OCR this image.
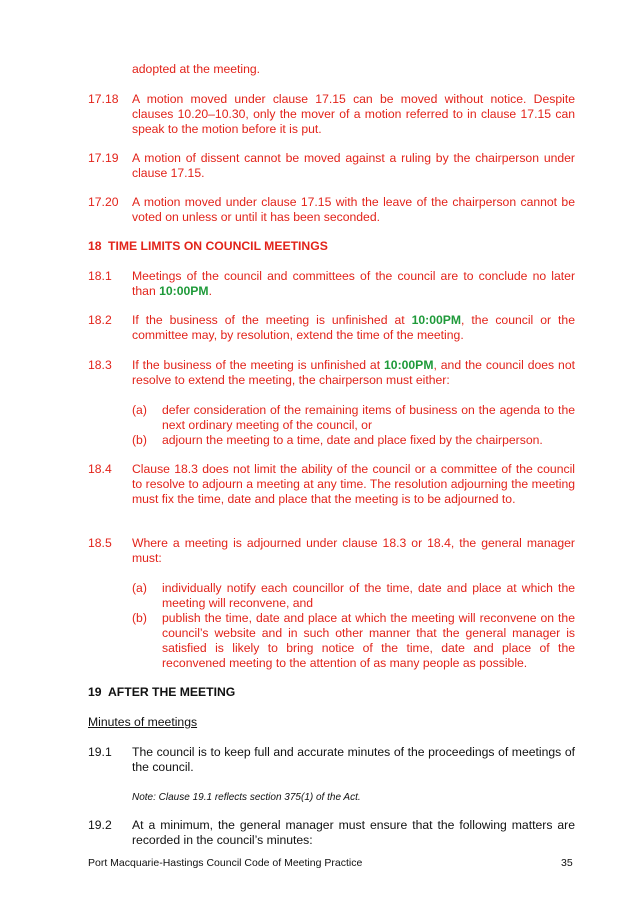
adopted at the meeting.
17.18 A motion moved under clause 17.15 can be moved without notice. Despite clauses 10.20–10.30, only the mover of a motion referred to in clause 17.15 can speak to the motion before it is put.
17.19 A motion of dissent cannot be moved against a ruling by the chairperson under clause 17.15.
17.20 A motion moved under clause 17.15 with the leave of the chairperson cannot be voted on unless or until it has been seconded.
18 TIME LIMITS ON COUNCIL MEETINGS
18.1 Meetings of the council and committees of the council are to conclude no later than 10:00PM.
18.2 If the business of the meeting is unfinished at 10:00PM, the council or the committee may, by resolution, extend the time of the meeting.
18.3 If the business of the meeting is unfinished at 10:00PM, and the council does not resolve to extend the meeting, the chairperson must either:
(a) defer consideration of the remaining items of business on the agenda to the next ordinary meeting of the council, or
(b) adjourn the meeting to a time, date and place fixed by the chairperson.
18.4 Clause 18.3 does not limit the ability of the council or a committee of the council to resolve to adjourn a meeting at any time. The resolution adjourning the meeting must fix the time, date and place that the meeting is to be adjourned to.
18.5 Where a meeting is adjourned under clause 18.3 or 18.4, the general manager must:
(a) individually notify each councillor of the time, date and place at which the meeting will reconvene, and
(b) publish the time, date and place at which the meeting will reconvene on the council’s website and in such other manner that the general manager is satisfied is likely to bring notice of the time, date and place of the reconvened meeting to the attention of as many people as possible.
19 AFTER THE MEETING
Minutes of meetings
19.1 The council is to keep full and accurate minutes of the proceedings of meetings of the council.
Note: Clause 19.1 reflects section 375(1) of the Act.
19.2 At a minimum, the general manager must ensure that the following matters are recorded in the council’s minutes:
Port Macquarie-Hastings Council Code of Meeting Practice	35
